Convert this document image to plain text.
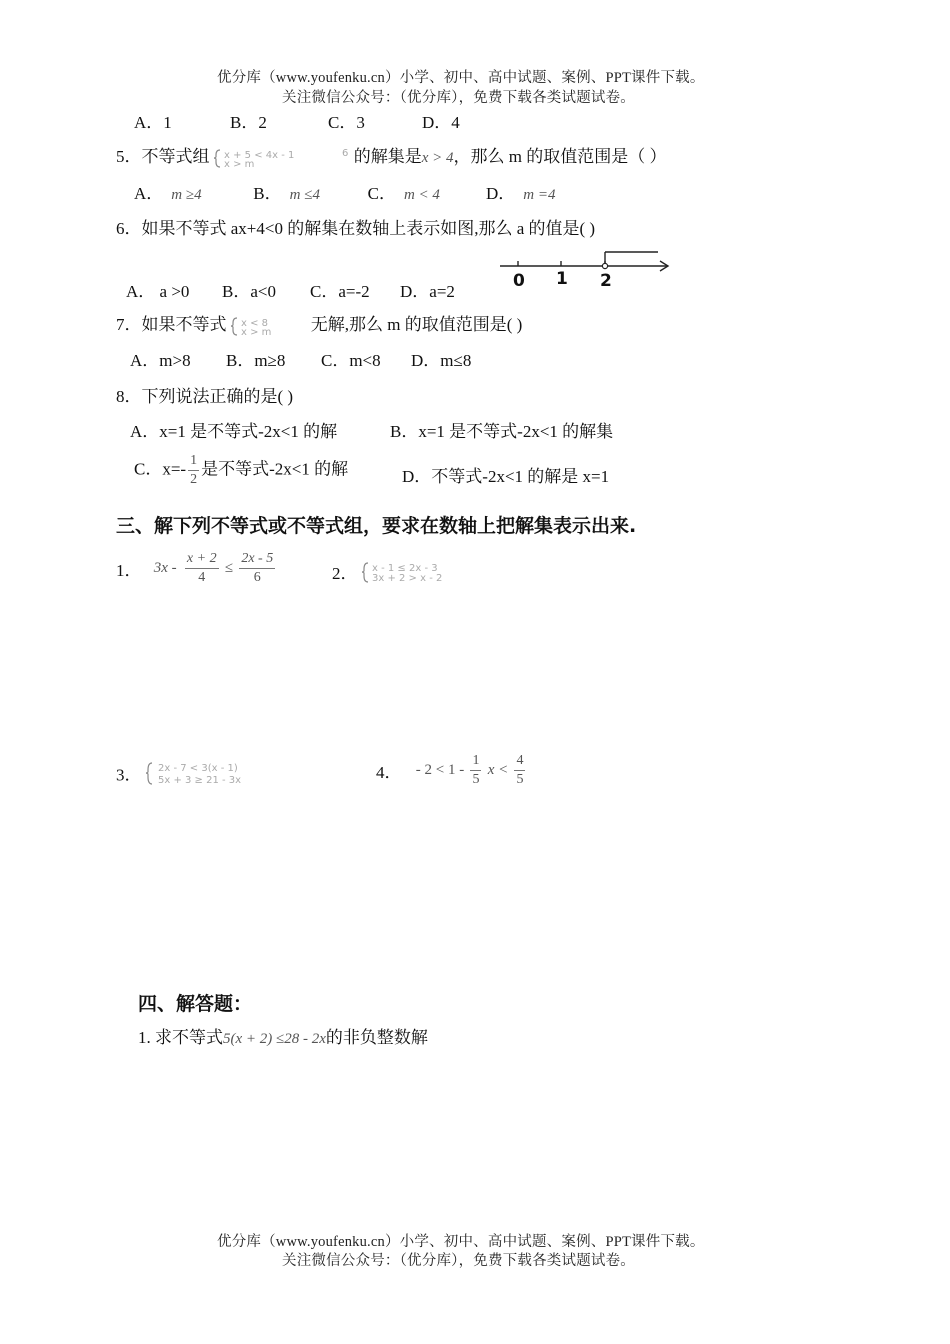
优分库（www.youfenku.cn）小学、初中、高中试题、案例、PPT课件下载。
关注微信公众号：（优分库），免费下载各类试题试卷。
A．1	B．2	C．3	D．4
5．不等式组 x + 5 < 4x - 1
x > m
6 的解集是x > 4，那么 m 的取值范围是（ ）
A． m ≥4	B． m ≤4	C． m < 4	D． m =4
6．如果不等式 ax+4<0 的解集在数轴上表示如图,那么 a 的值是( )
A． a >0 B．a<0 C．a=-2 D．a=2
0 1 2
7．如果不等式 x < 8
x > m 无解,那么 m 的取值范围是( )
A．m>8 B．m≥8 C．m<8 D．m≤8
8．下列说法正确的是( )
A．x=1 是不等式-2x<1 的解	B．x=1 是不等式-2x<1 的解集
C．$x=- \frac{1}{2}$ 是不等式-2x<1 的解	D．不等式-2x<1 的解是 x=1
三、解下列不等式或不等式组，要求在数轴上把解集表示出来.
1． $3x - \frac{x + 2}{4} \le \frac{2x - 5}{6}$	2． x - 1 ≤ 2x - 3
3x + 2 > x - 2
3． 2x - 7 < 3(x - 1)
5x + 3 ≥ 21 - 3x	4． - $2 < 1 - \frac{1}{5}$ $x < \frac{4}{5}$
四、解答题：
1. 求不等式5(x + 2) ≤28 - 2x的非负整数解
优分库（www.youfenku.cn）小学、初中、高中试题、案例、PPT课件下载。
关注微信公众号：（优分库），免费下载各类试题试卷。
